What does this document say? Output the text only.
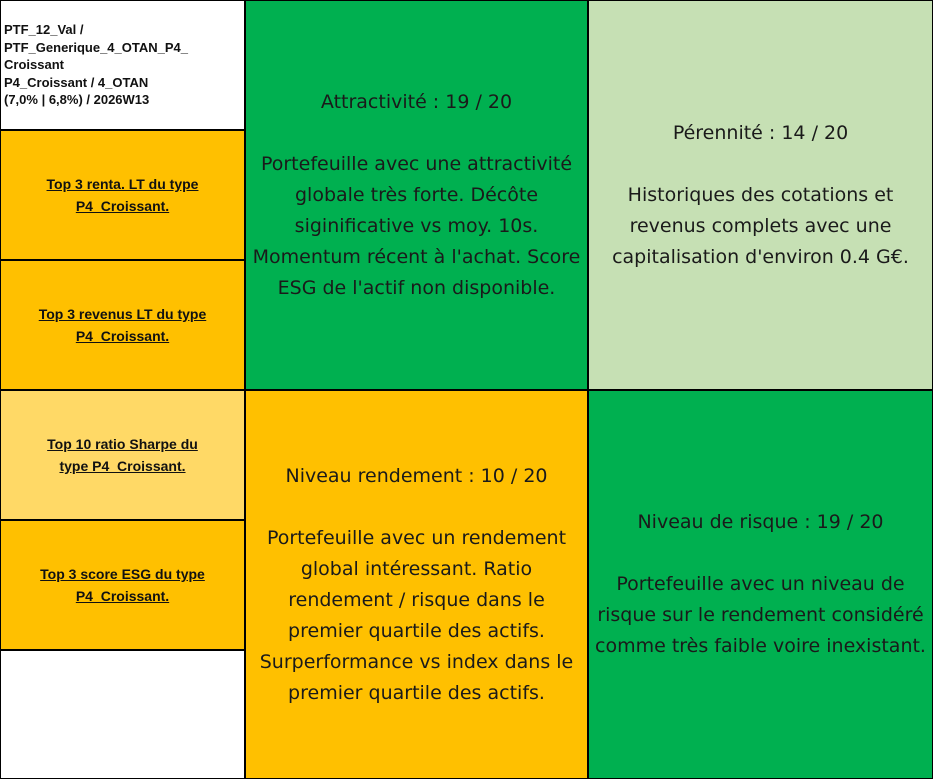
PTF_12_Val /
PTF_Generique_4_OTAN_P4_
Croissant
P4_Croissant / 4_OTAN
(7,0% | 6,8%) / 2026W13
Top 3 renta. LT du type
P4_Croissant.
Top 3 revenus LT du type
P4_Croissant.
Top 10 ratio Sharpe du
type P4_Croissant.
Top 3 score ESG du type
P4_Croissant.
Attractivité : 19 / 20
Portefeuille avec une attractivité globale très forte. Décôte siginificative vs moy. 10s. Momentum récent à l'achat. Score ESG de l'actif non disponible.
Pérennité : 14 / 20
Historiques des cotations et revenus complets avec une capitalisation d'environ 0.4 G€.
Niveau rendement : 10 / 20
Portefeuille avec un rendement global intéressant. Ratio rendement / risque dans le premier quartile des actifs. Surperformance vs index dans le premier quartile des actifs.
Niveau de risque : 19 / 20
Portefeuille avec un niveau de risque sur le rendement considéré comme très faible voire inexistant.
